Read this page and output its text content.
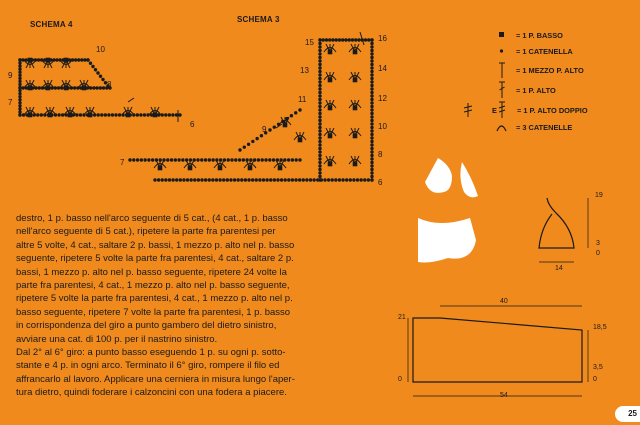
SCHEMA 4
SCHEMA 3
10
9
8
7
6
15	16
13	14
11	12
10
9
8
7
6
= 1 P. BASSO
= 1 CATENELLA
= 1 MEZZO P. ALTO
= 1 P. ALTO
E	= 1 P. ALTO DOPPIO
= 3 CATENELLE

destro, 1 p. basso nell'arco seguente di 5 cat., (4 cat., 1 p. basso

nell'arco seguente di 5 cat.), ripetere la parte fra parentesi per

altre 5 volte, 4 cat., saltare 2 p. bassi, 1 mezzo p. alto nel p. basso

seguente, ripetere 5 volte la parte fra parentesi, 4 cat., saltare 2 p.

bassi, 1 mezzo p. alto nel p. basso seguente, ripetere 24 volte la

parte fra parentesi, 4 cat., 1 mezzo p. alto nel p. basso seguente,

ripetere 5 volte la parte fra parentesi, 4 cat., 1 mezzo p. alto nel p.

basso seguente, ripetere 7 volte la parte fra parentesi, 1 p. basso

in corrispondenza del giro a punto gambero del dietro sinistro,

avviare una cat. di 100 p. per il nastrino sinistro.

Dal 2° al 6° giro: a punto basso eseguendo 1 p. su ogni p. sotto-

stante e 4 p. in ogni arco. Terminato il 6° giro, rompere il filo ed

affrancarlo al lavoro. Applicare una cerniera in misura lungo l'aper-

tura dietro, quindi foderare i calzoncini con una fodera a piacere.

19
3
0
14
40
21
0
18,5
3,5
0
54
25
